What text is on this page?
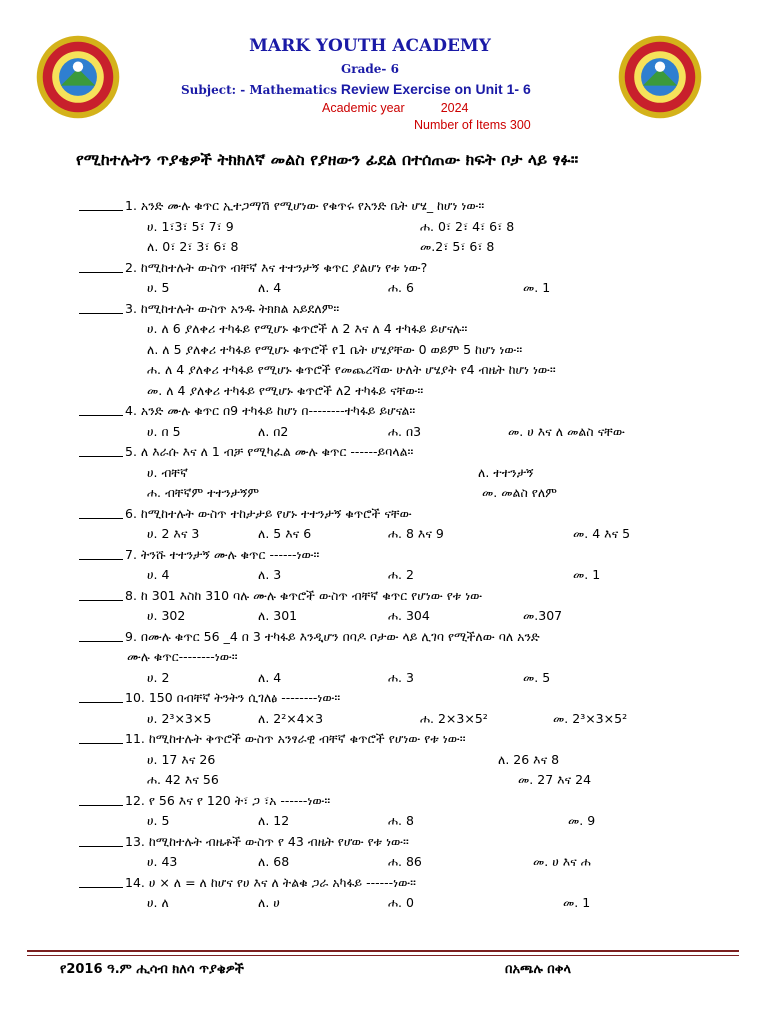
MARK YOUTH ACADEMY
Grade- 6
Subject: - Mathematics Review Exercise on Unit 1- 6
Academic year	2024
Number of Items 300
የሚከተሉትን ጥያቄዎች ትክክለኛ መልስ የያዘውን ፊደል በተሰጠው ክፍት ቦታ ላይ ፃፉ።
1. አንድ ሙሉ ቁጥር ኢተጋማሽ የሚሆነው የቁጥሩ የአንድ ቤት ሆሄ_ ከሆነ ነው።
ሀ. 1፣3፣ 5፣ 7፣ 9	ሐ. 0፣ 2፣ 4፣ 6፣ 8
ለ. 0፣ 2፣ 3፣ 6፣ 8	መ.2፣ 5፣ 6፣ 8
2. ከሚከተሉት ውስጥ ብቸኛ እና ተተንታኝ ቁጥር ያልሆነ የቱ ነው?
ሀ. 5	ለ. 4	ሐ. 6	መ. 1
3. ከሚከተሉት ውስጥ አንዱ ትክክል አይደለም።
ሀ. ለ 6 ያለቀሪ ተካፋይ የሚሆኑ ቁጥሮች ለ 2 እና ለ 4 ተካፋይ ይሆናሉ።
ለ. ለ 5 ያለቀሪ ተካፋይ የሚሆኑ ቁጥሮች የ1 ቤት ሆሄያቸው 0 ወይም 5 ከሆነ ነው።
ሐ. ለ 4 ያለቀሪ ተካፋይ የሚሆኑ ቁጥሮች የመጨረሻው ሁለት ሆሄያት የ4 ብዜት ከሆነ ነው።
መ. ለ 4 ያለቀሪ ተካፋይ የሚሆኑ ቁጥሮች ለ2 ተካፋይ ናቸው።
4. አንድ ሙሉ ቁጥር በ9 ተካፋይ ከሆነ በ--------ተካፋይ ይሆናል።
ሀ. በ 5	ለ. በ2	ሐ. በ3	መ. ሀ እና ለ መልስ ናቸው
5. ለ እራሱ እና ለ 1 ብቻ የሚካፈል ሙሉ ቁጥር ------ይባላል።
ሀ. ብቸኛ	ለ. ተተንታኝ
ሐ. ብቸኛም ተተንታኝም	መ. መልስ የለም
6. ከሚከተሉት ውስጥ ተከታታይ የሆኑ ተተንታኝ ቁጥሮች ናቸው
ሀ. 2 እና 3	ለ. 5 እና 6	ሐ. 8 እና 9	መ. 4 እና 5
7. ትንሹ ተተንታኝ ሙሉ ቁጥር ------ነው።
ሀ. 4	ለ. 3	ሐ. 2	መ. 1
8. ከ 301 እስከ 310 ባሉ ሙሉ ቁጥሮች ውስጥ ብቸኛ ቁጥር የሆነው የቱ ነው
ሀ. 302	ለ. 301	ሐ. 304	መ.307
9. በሙሉ ቁጥር 56 _4 በ 3 ተካፋይ እንዲሆን በባዶ ቦታው ላይ ሊገባ የሚችለው ባለ አንድ
ሙሉ ቁጥር--------ነው።
ሀ. 2	ለ. 4	ሐ. 3	መ. 5
10. 150 በብቸኛ ትንትን ሲገለፅ --------ነው።
ሀ. 2³×3×5	ለ. 2²×4×3	ሐ. 2×3×5²	መ. 2³×3×5²
11. ከሚከተሉት ቅጥሮች ውስጥ አንፃራዊ ብቸኛ ቁጥሮች የሆነው የቱ ነው።
ሀ. 17 እና 26	ለ. 26 እና 8
ሐ. 42 እና 56	መ. 27 እና 24
12. የ 56 እና የ 120 ት፣ ጋ ፣አ ------ነው።
ሀ. 5	ለ. 12	ሐ. 8	መ. 9
13. ከሚከተሉት ብዜቶች ውስጥ የ 43 ብዜት የሆው የቱ ነው።
ሀ. 43	ለ. 68	ሐ. 86	መ. ሀ እና ሐ
14. ሀ × ለ = ለ ከሆና የሀ እና ለ ትልቁ ጋራ አካፋይ ------ነው።
ሀ. ለ	ለ. ሀ	ሐ. 0	መ. 1
የ2016 ዓ.ም ሒሳብ ክለሳ ጥያቄዎች	በአጫሉ በቀላ
